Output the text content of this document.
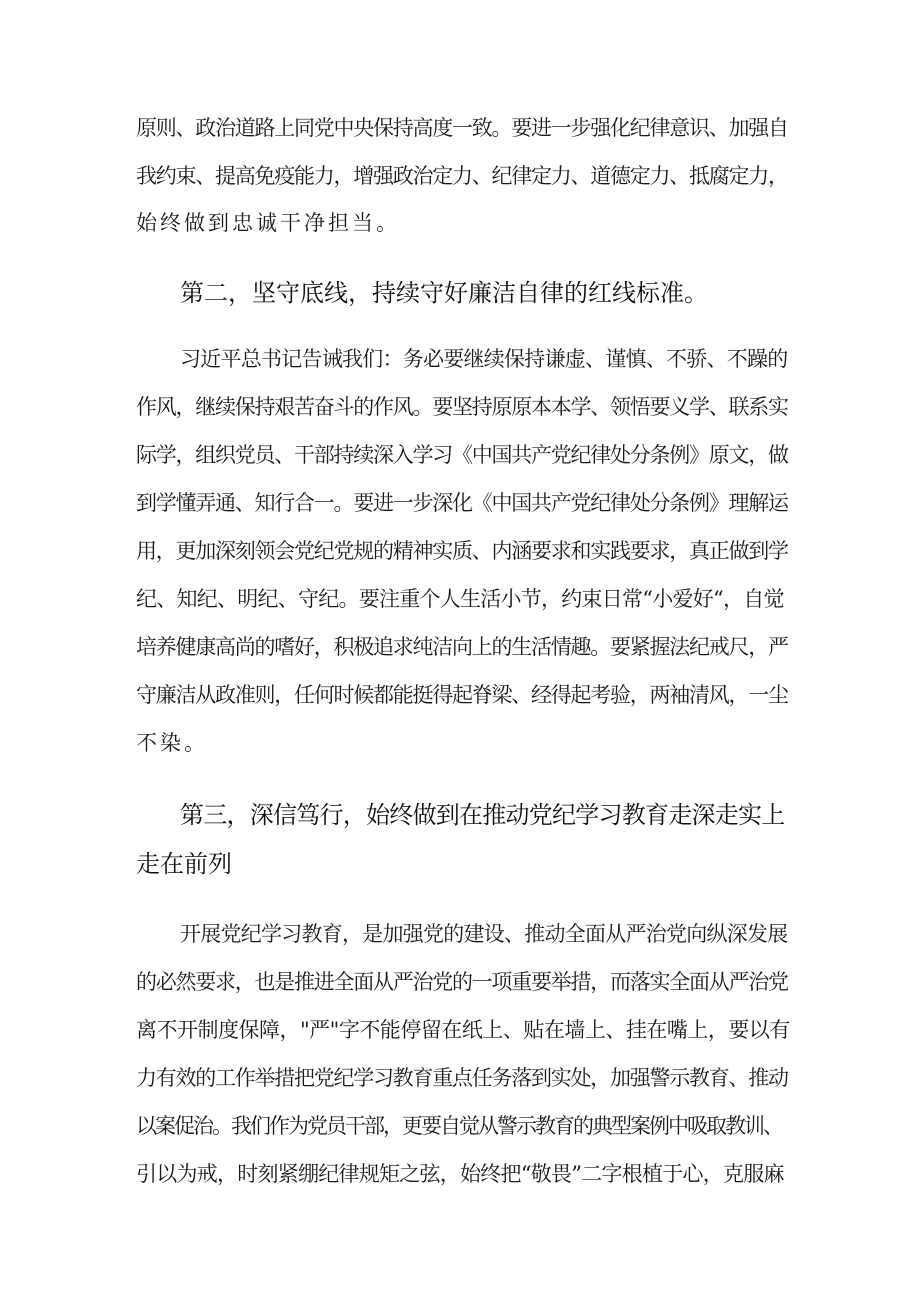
原则、政治道路上同党中央保持高度一致。要进一步强化纪律意识、加强自
我约束、提高免疫能力，增强政治定力、纪律定力、道德定力、抵腐定力，
始终做到忠诚干净担当。
第二，坚守底线，持续守好廉洁自律的红线标准。
习近平总书记告诫我们：务必要继续保持谦虚、谨慎、不骄、不躁的
作风，继续保持艰苦奋斗的作风。要坚持原原本本学、领悟要义学、联系实
际学，组织党员、干部持续深入学习《中国共产党纪律处分条例》原文，做
到学懂弄通、知行合一。要进一步深化《中国共产党纪律处分条例》理解运
用，更加深刻领会党纪党规的精神实质、内涵要求和实践要求，真正做到学
纪、知纪、明纪、守纪。要注重个人生活小节，约束日常“小爱好“，自觉
培养健康高尚的嗜好，积极追求纯洁向上的生活情趣。要紧握法纪戒尺，严
守廉洁从政准则，任何时候都能挺得起脊梁、经得起考验，两袖清风，一尘
不染。
第三，深信笃行，始终做到在推动党纪学习教育走深走实上
走在前列
开展党纪学习教育，是加强党的建设、推动全面从严治党向纵深发展
的必然要求，也是推进全面从严治党的一项重要举措，而落实全面从严治党
离不开制度保障，"严"字不能停留在纸上、贴在墙上、挂在嘴上，要以有
力有效的工作举措把党纪学习教育重点任务落到实处，加强警示教育、推动
以案促治。我们作为党员干部，更要自觉从警示教育的典型案例中吸取教训、
引以为戒，时刻紧绷纪律规矩之弦，始终把“敬畏”二字根植于心，克服麻
